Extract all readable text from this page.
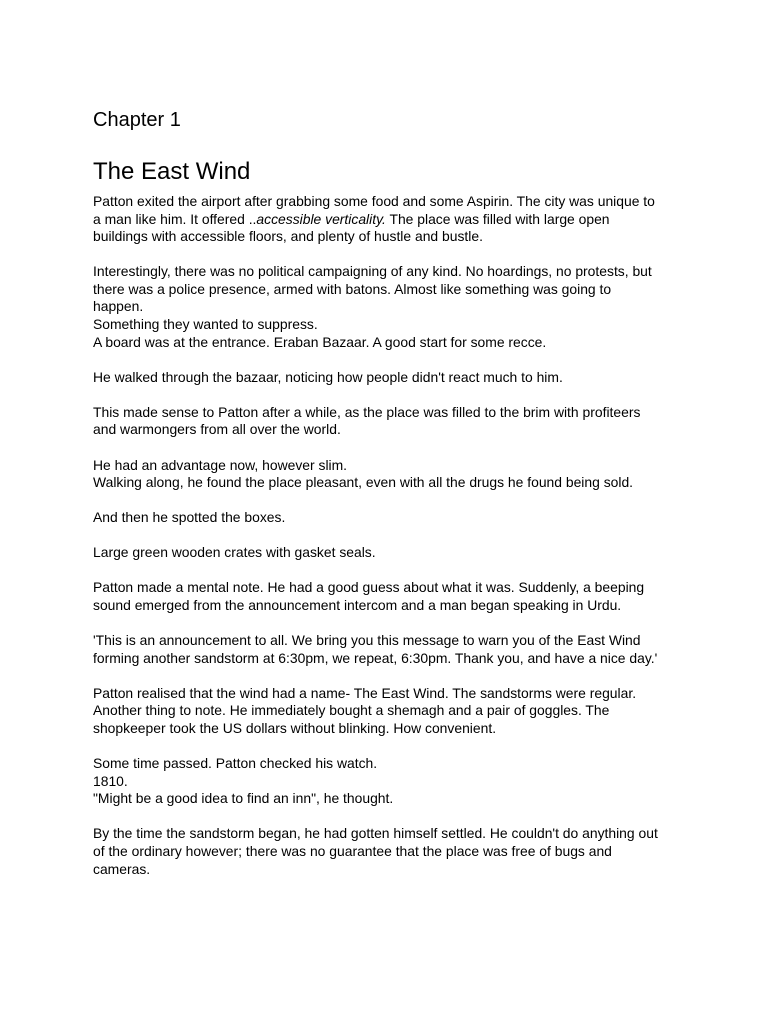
Chapter 1
The East Wind

Patton exited the airport after grabbing some food and some Aspirin. The city was unique to
a man like him. It offered ..accessible verticality. The place was filled with large open
buildings with accessible floors, and plenty of hustle and bustle.

Interestingly, there was no political campaigning of any kind. No hoardings, no protests, but
there was a police presence, armed with batons. Almost like something was going to
happen.
Something they wanted to suppress.
A board was at the entrance. Eraban Bazaar. A good start for some recce.

He walked through the bazaar, noticing how people didn't react much to him.

This made sense to Patton after a while, as the place was filled to the brim with profiteers
and warmongers from all over the world.

He had an advantage now, however slim.
Walking along, he found the place pleasant, even with all the drugs he found being sold.

And then he spotted the boxes.

Large green wooden crates with gasket seals.

Patton made a mental note. He had a good guess about what it was. Suddenly, a beeping
sound emerged from the announcement intercom and a man began speaking in Urdu.

'This is an announcement to all. We bring you this message to warn you of the East Wind
forming another sandstorm at 6:30pm, we repeat, 6:30pm. Thank you, and have a nice day.'

Patton realised that the wind had a name- The East Wind. The sandstorms were regular.
Another thing to note. He immediately bought a shemagh and a pair of goggles. The
shopkeeper took the US dollars without blinking. How convenient.

Some time passed. Patton checked his watch.
1810.
"Might be a good idea to find an inn", he thought.

By the time the sandstorm began, he had gotten himself settled. He couldn't do anything out
of the ordinary however; there was no guarantee that the place was free of bugs and
cameras.
